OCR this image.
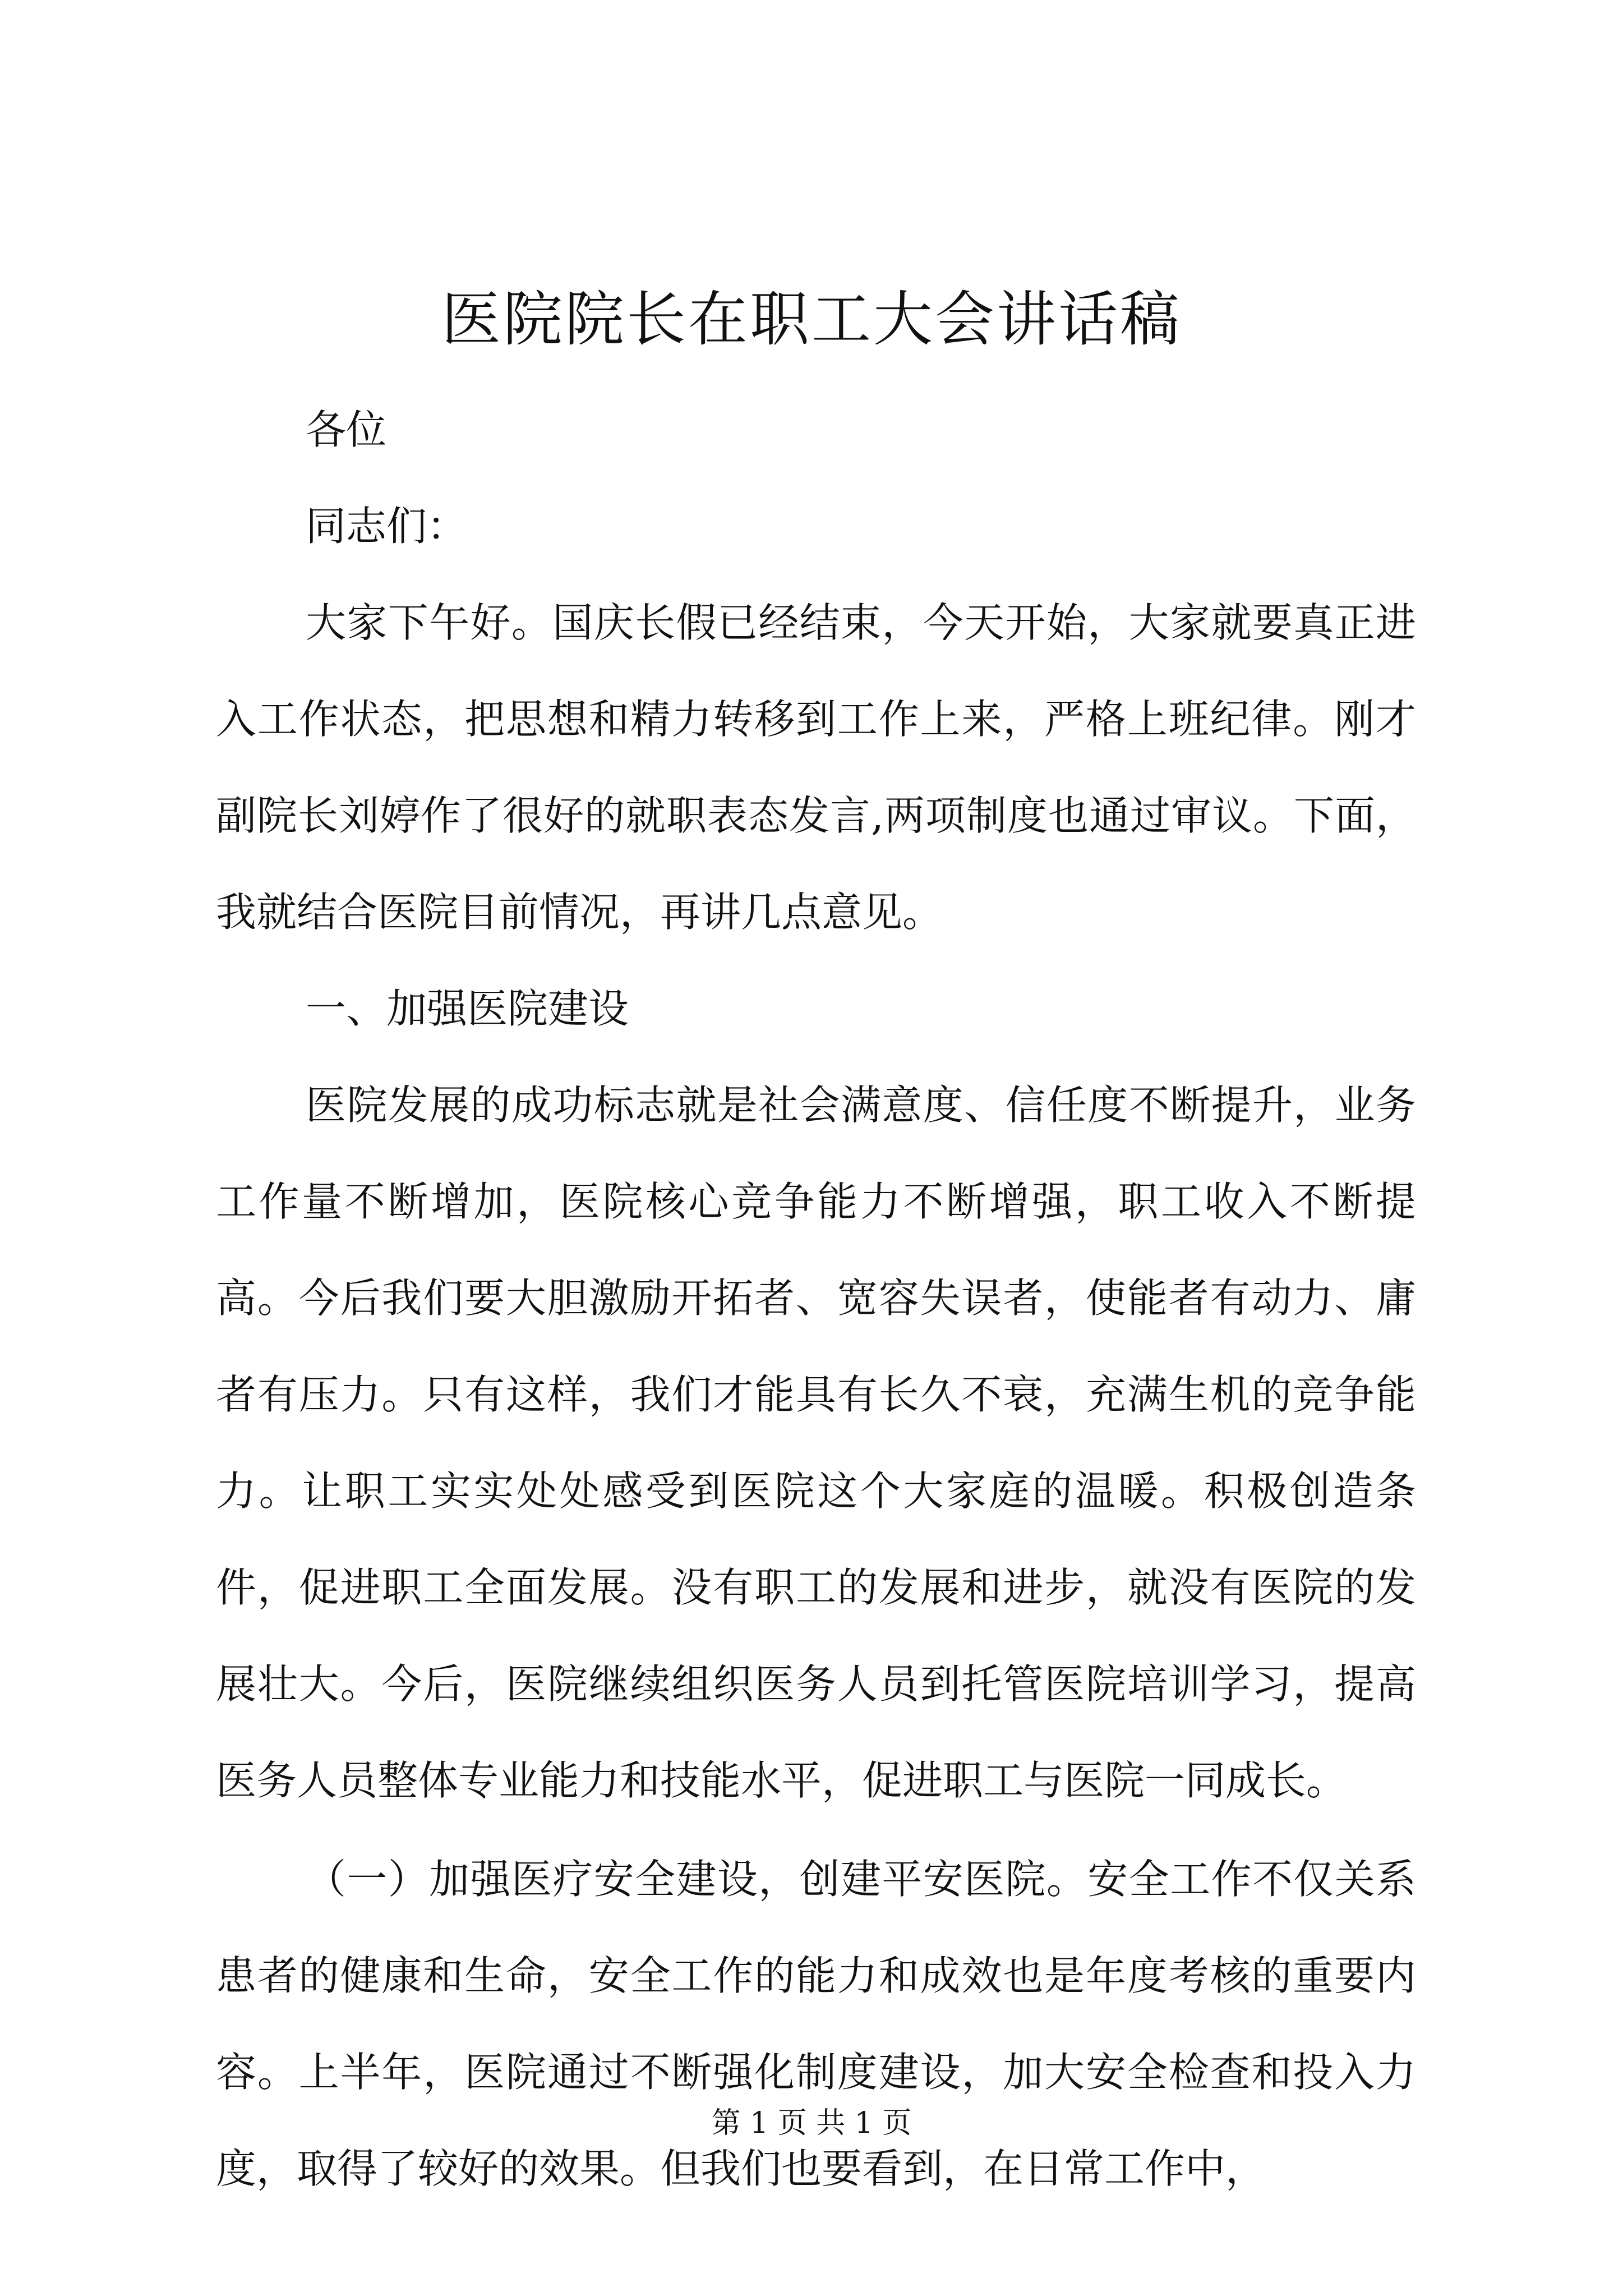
医院院长在职工大会讲话稿

各位

同志们：

大家下午好。国庆长假已经结束，今天开始，大家就要真正进入工作状态，把思想和精力转移到工作上来，严格上班纪律。刚才副院长刘婷作了很好的就职表态发言,两项制度也通过审议。下面，我就结合医院目前情况，再讲几点意见。

一、加强医院建设

医院发展的成功标志就是社会满意度、信任度不断提升，业务工作量不断增加，医院核心竞争能力不断增强，职工收入不断提高。今后我们要大胆激励开拓者、宽容失误者，使能者有动力、庸者有压力。只有这样，我们才能具有长久不衰，充满生机的竞争能力。让职工实实处处感受到医院这个大家庭的温暖。积极创造条件，促进职工全面发展。没有职工的发展和进步，就没有医院的发展壮大。今后，医院继续组织医务人员到托管医院培训学习，提高医务人员整体专业能力和技能水平，促进职工与医院一同成长。

（一）加强医疗安全建设，创建平安医院。安全工作不仅关系患者的健康和生命，安全工作的能力和成效也是年度考核的重要内容。上半年，医院通过不断强化制度建设，加大安全检查和投入力度，取得了较好的效果。但我们也要看到，在日常工作中，

第 1 页 共 1 页
